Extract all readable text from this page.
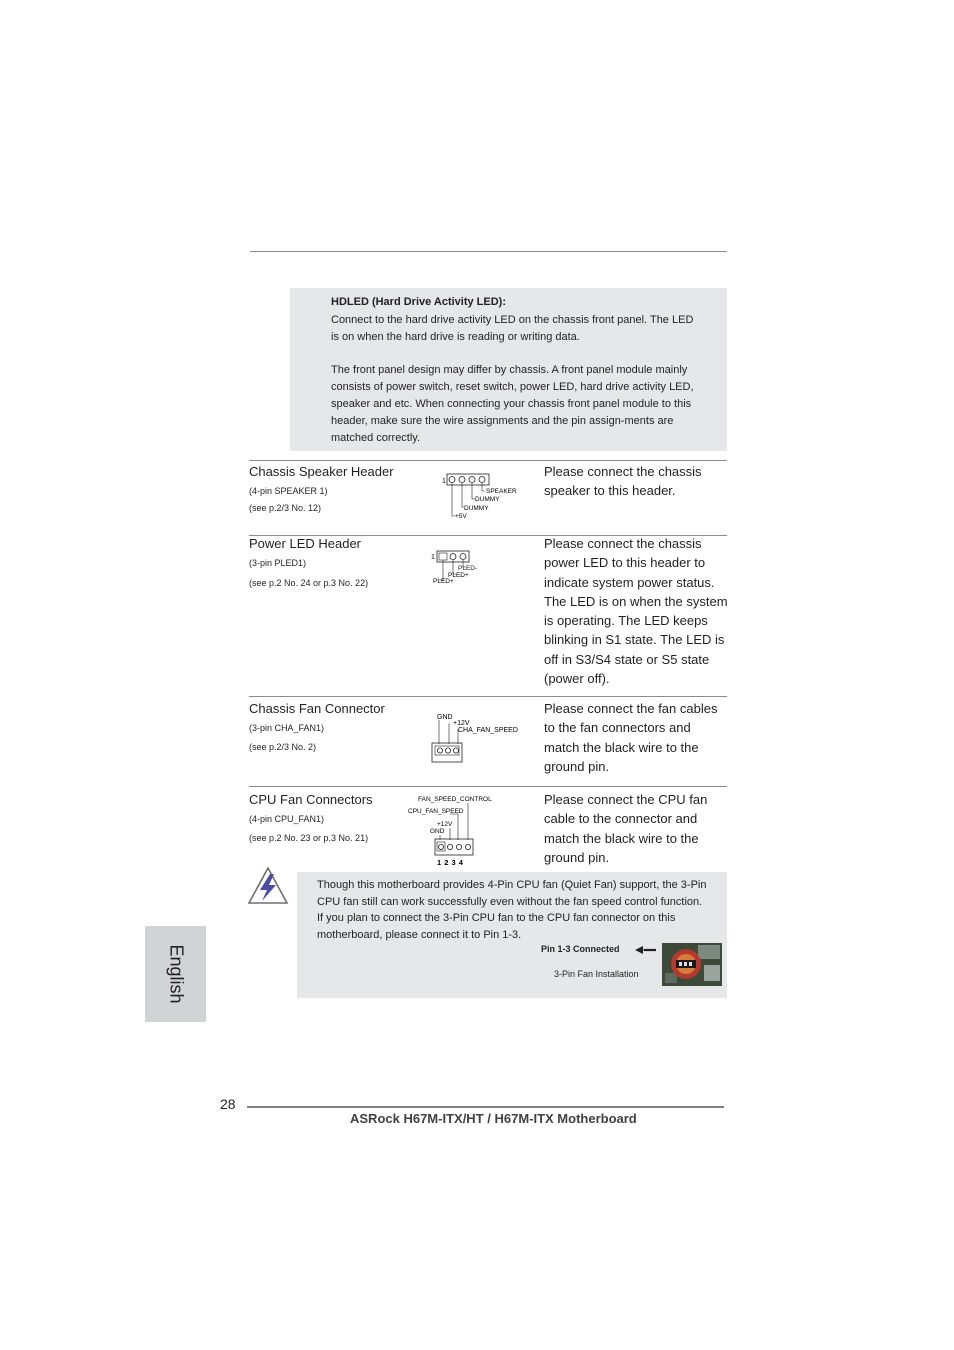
HDLED (Hard Drive Activity LED):
Connect to the hard drive activity LED on the chassis front panel. The LED
is on when the hard drive is reading or writing data.
The front panel design may differ by chassis. A front panel module mainly
consists of power switch, reset switch, power LED, hard drive activity LED,
speaker and etc. When connecting your chassis front panel module to this
header, make sure the wire assignments and the pin assign-ments are
matched correctly.
Chassis Speaker Header
(4-pin SPEAKER 1)
(see p.2/3 No. 12)
1
SPEAKER
DUMMY
DUMMY
+5V
Please connect the chassis
speaker to this header.
Power LED Header
(3-pin PLED1)
(see p.2 No. 24 or p.3 No. 22)
1
PLED-
PLED+
PLED+
Please connect the chassis
power LED to this header to
indicate system power status.
The LED is on when the system
is operating. The LED keeps
blinking in S1 state. The LED is
off in S3/S4 state or S5 state
(power off).
Chassis Fan Connector
(3-pin CHA_FAN1)
(see p.2/3 No. 2)
GND
+12V
CHA_FAN_SPEED
Please connect the fan cables
to the fan connectors and
match the black wire to the
ground pin.
CPU Fan Connectors
(4-pin CPU_FAN1)
(see p.2 No. 23 or p.3 No. 21)
FAN_SPEED_CONTROL
CPU_FAN_SPEED
+12V
GND
1 2 3 4
Please connect the CPU fan
cable to the connector and
match the black wire to the
ground pin.
Though this motherboard provides 4-Pin CPU fan (Quiet Fan) support, the 3-Pin
CPU fan still can work successfully even without the fan speed control function.
If you plan to connect the 3-Pin CPU fan to the CPU fan connector on this
motherboard, please connect it to Pin 1-3.
Pin 1-3 Connected
3-Pin Fan Installation
English
28
ASRock H67M-ITX/HT / H67M-ITX Motherboard
